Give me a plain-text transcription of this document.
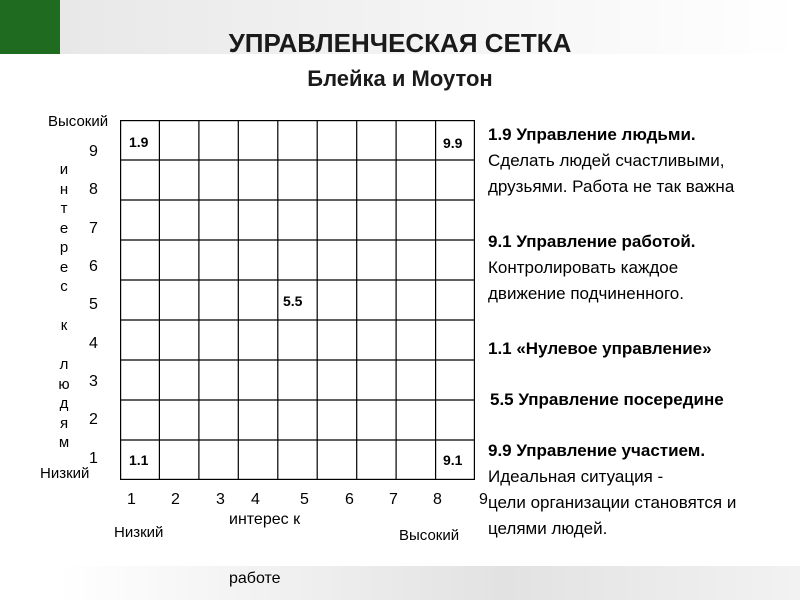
УПРАВЛЕНЧЕСКАЯ СЕТКА
Блейка и Моутон
Высокий
Низкий
и
н
т
е
р
е
с

к

л
ю
д
я
м
9
8
7
6
5
4
3
2
1
1.9	9.9
5.5
1.1	9.1
1 2 3 4	5 6 7 8 9
Низкий	Высокий
интерес к
работе
1.9 Управление людьми.
Сделать людей счастливыми,
друзьями. Работа не так важна
9.1 Управление работой.
Контролировать каждое
движение подчиненного.
1.1 «Нулевое управление»
5.5 Управление посередине
9.9 Управление участием.
Идеальная ситуация -
цели организации становятся и
целями людей.
